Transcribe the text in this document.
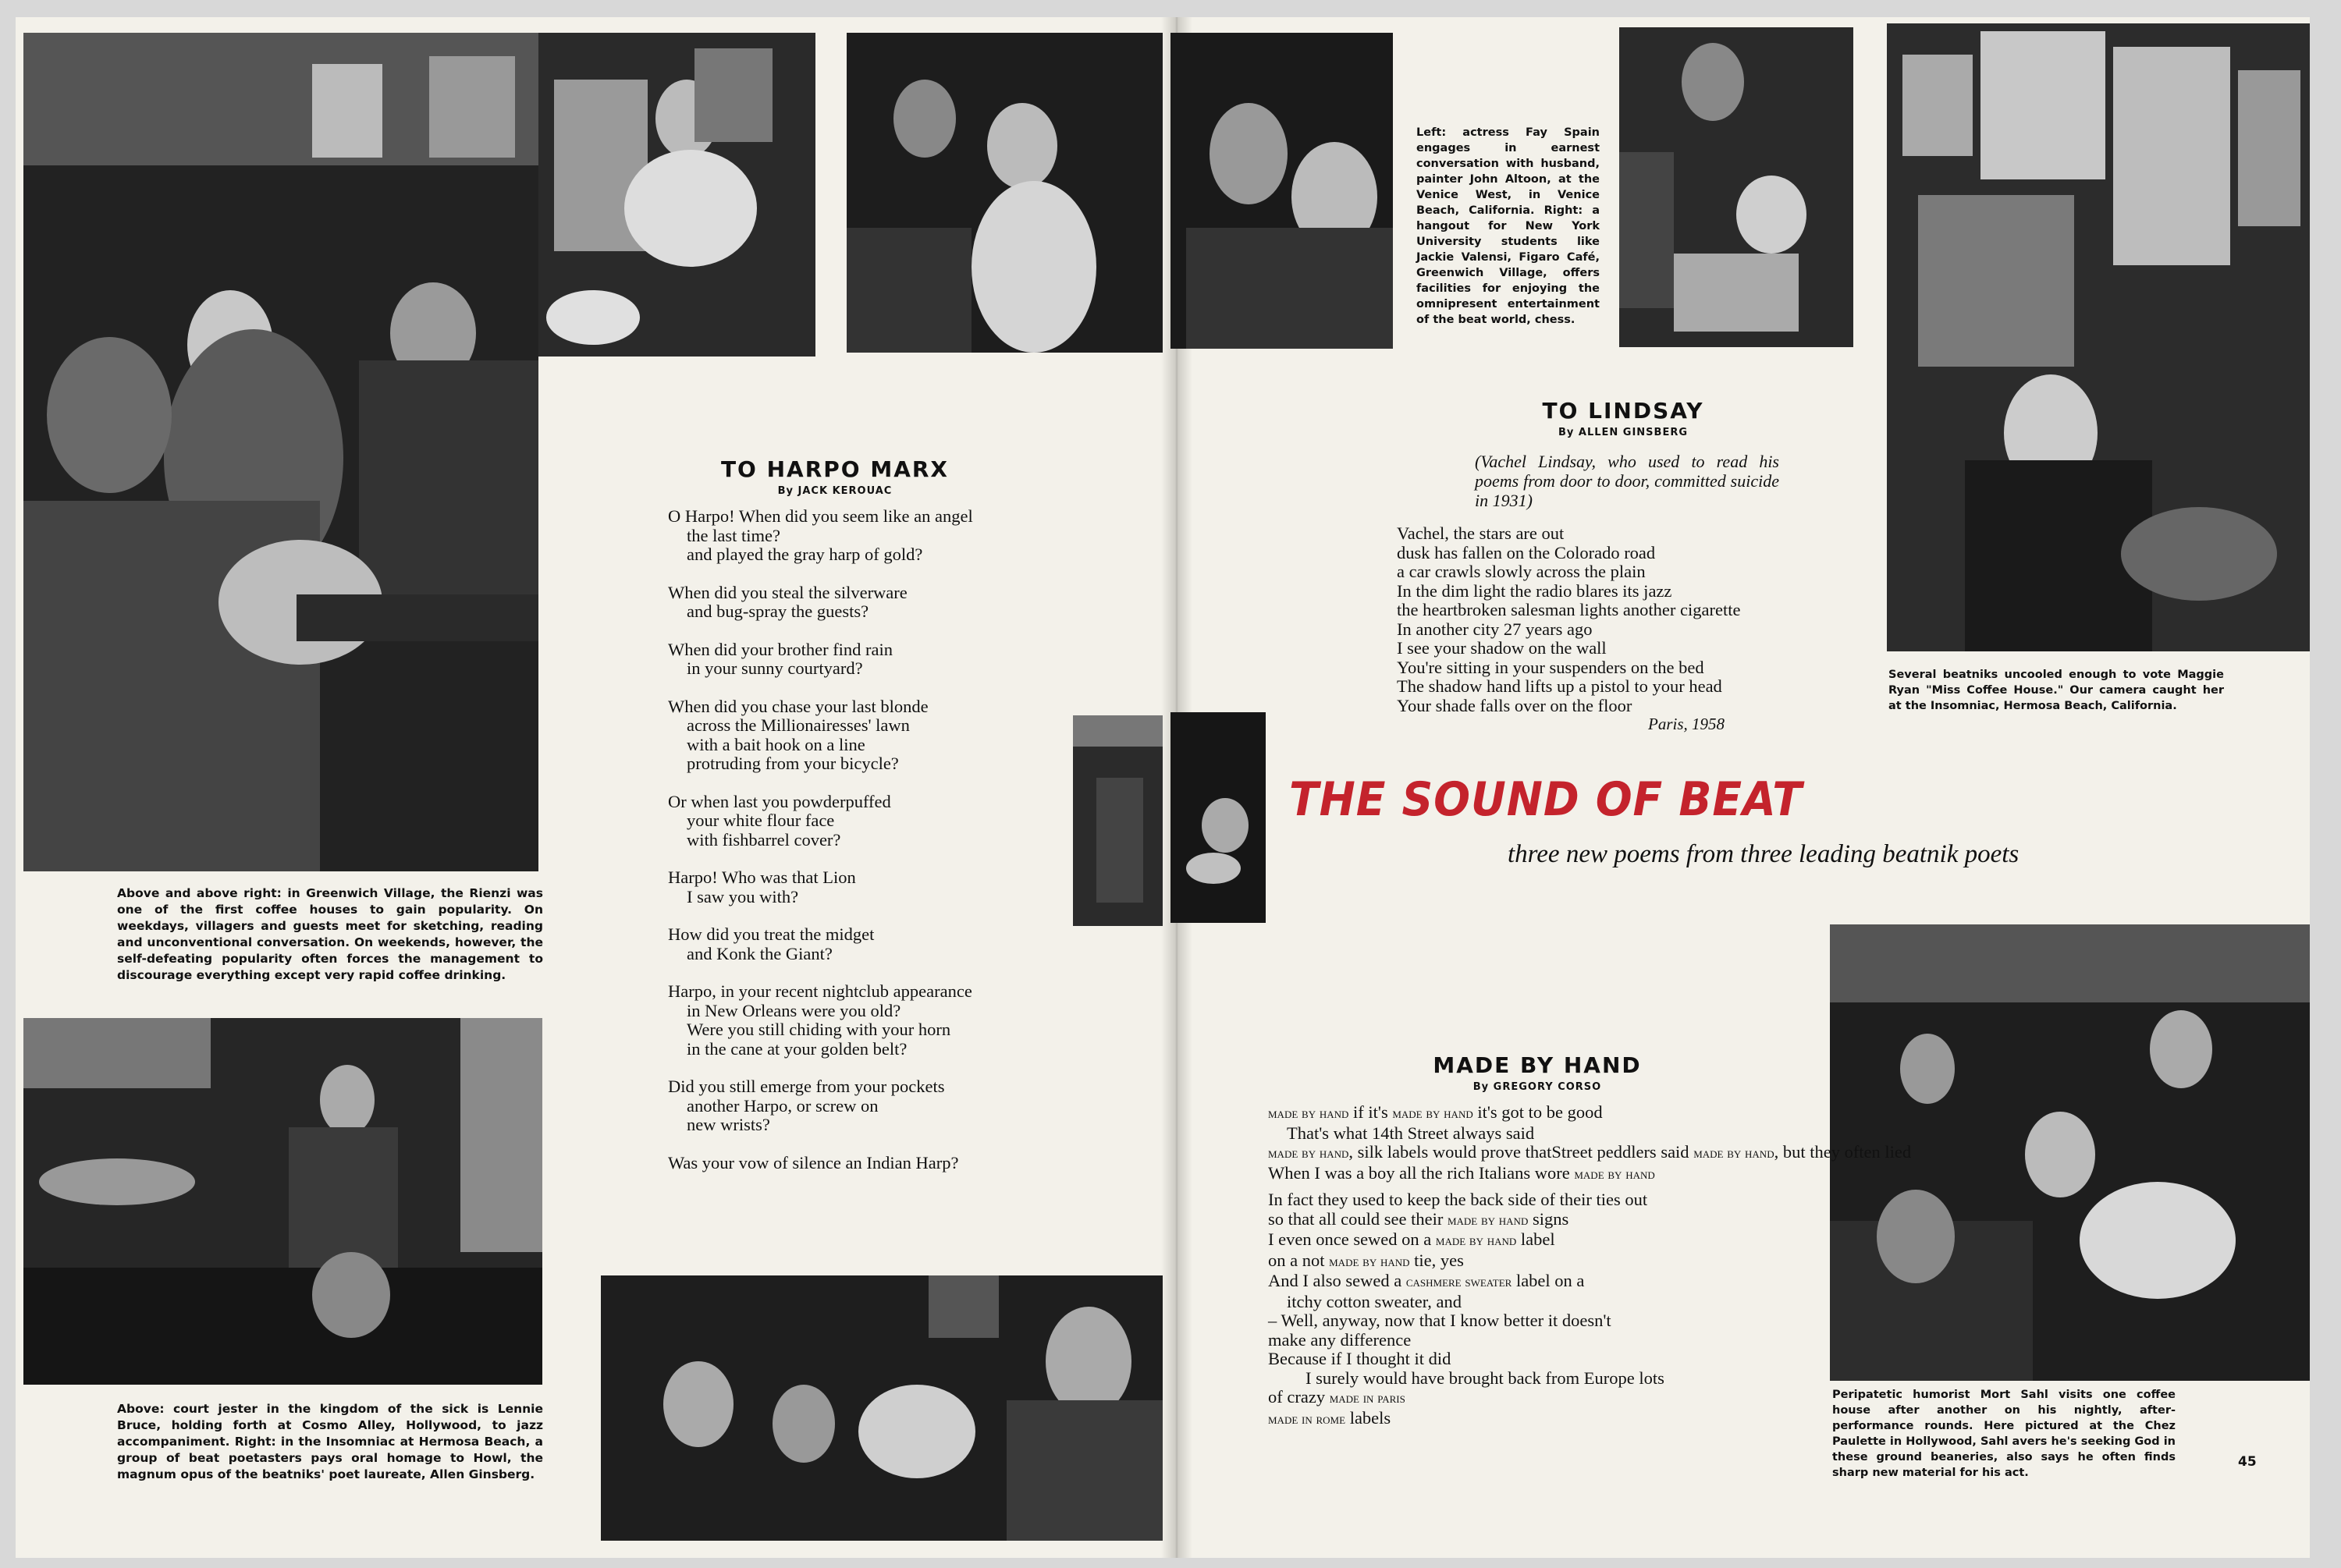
Above and above right: in Greenwich Village, the Rienzi was one of the first coffee houses to gain popularity. On weekdays, villagers and guests meet for sketching, reading and unconventional conversation. On weekends, however, the self-defeating popularity often forces the management to discourage everything except very rapid coffee drinking.
Above: court jester in the kingdom of the sick is Lennie Bruce, holding forth at Cosmo Alley, Hollywood, to jazz accompaniment. Right: in the Insomniac at Hermosa Beach, a group of beat poetasters pays oral homage to Howl, the magnum opus of the beatniks' poet laureate, Allen Ginsberg.
TO HARPO MARX
By JACK KEROUAC
O Harpo! When did you seem like an angel
the last time?
and played the gray harp of gold?
When did you steal the silverware
and bug-spray the guests?
When did your brother find rain
in your sunny courtyard?
When did you chase your last blonde
across the Millionairesses' lawn
with a bait hook on a line
protruding from your bicycle?
Or when last you powderpuffed
your white flour face
with fishbarrel cover?
Harpo! Who was that Lion
I saw you with?
How did you treat the midget
and Konk the Giant?
Harpo, in your recent nightclub appearance
in New Orleans were you old?
Were you still chiding with your horn
in the cane at your golden belt?
Did you still emerge from your pockets
another Harpo, or screw on
new wrists?
Was your vow of silence an Indian Harp?
Left: actress Fay Spain engages in earnest conversation with husband, painter John Altoon, at the Venice West, in Venice Beach, California. Right: a hangout for New York University students like Jackie Valensi, Figaro Café, Greenwich Village, offers facilities for enjoying the omnipresent entertainment of the beat world, chess.
Several beatniks uncooled enough to vote Maggie Ryan "Miss Coffee House." Our camera caught her at the Insomniac, Hermosa Beach, California.
Peripatetic humorist Mort Sahl visits one coffee house after another on his nightly, after-performance rounds. Here pictured at the Chez Paulette in Hollywood, Sahl avers he's seeking God in these ground beaneries, also says he often finds sharp new material for his act.
TO LINDSAY
By ALLEN GINSBERG
(Vachel Lindsay, who used to read his poems from door to door, committed suicide in 1931)
Vachel, the stars are out
dusk has fallen on the Colorado road
a car crawls slowly across the plain
In the dim light the radio blares its jazz
the heartbroken salesman lights another cigarette
In another city 27 years ago
I see your shadow on the wall
You're sitting in your suspenders on the bed
The shadow hand lifts up a pistol to your head
Your shade falls over on the floor
Paris, 1958
THE SOUND OF BEAT
three new poems from three leading beatnik poets
MADE BY HAND
By GREGORY CORSO
made by hand if it's made by hand it's got to be good
That's what 14th Street always said
made by hand, silk labels would prove thatStreet peddlers said made by hand, but they often lied
When I was a boy all the rich Italians wore made by hand
In fact they used to keep the back side of their ties out
so that all could see their made by hand signs
I even once sewed on a made by hand label
on a not made by hand tie, yes
And I also sewed a cashmere sweater label on a
itchy cotton sweater, and
– Well, anyway, now that I know better it doesn't
make any difference
Because if I thought it did
I surely would have brought back from Europe lots
of crazy made in paris
made in rome labels
45
